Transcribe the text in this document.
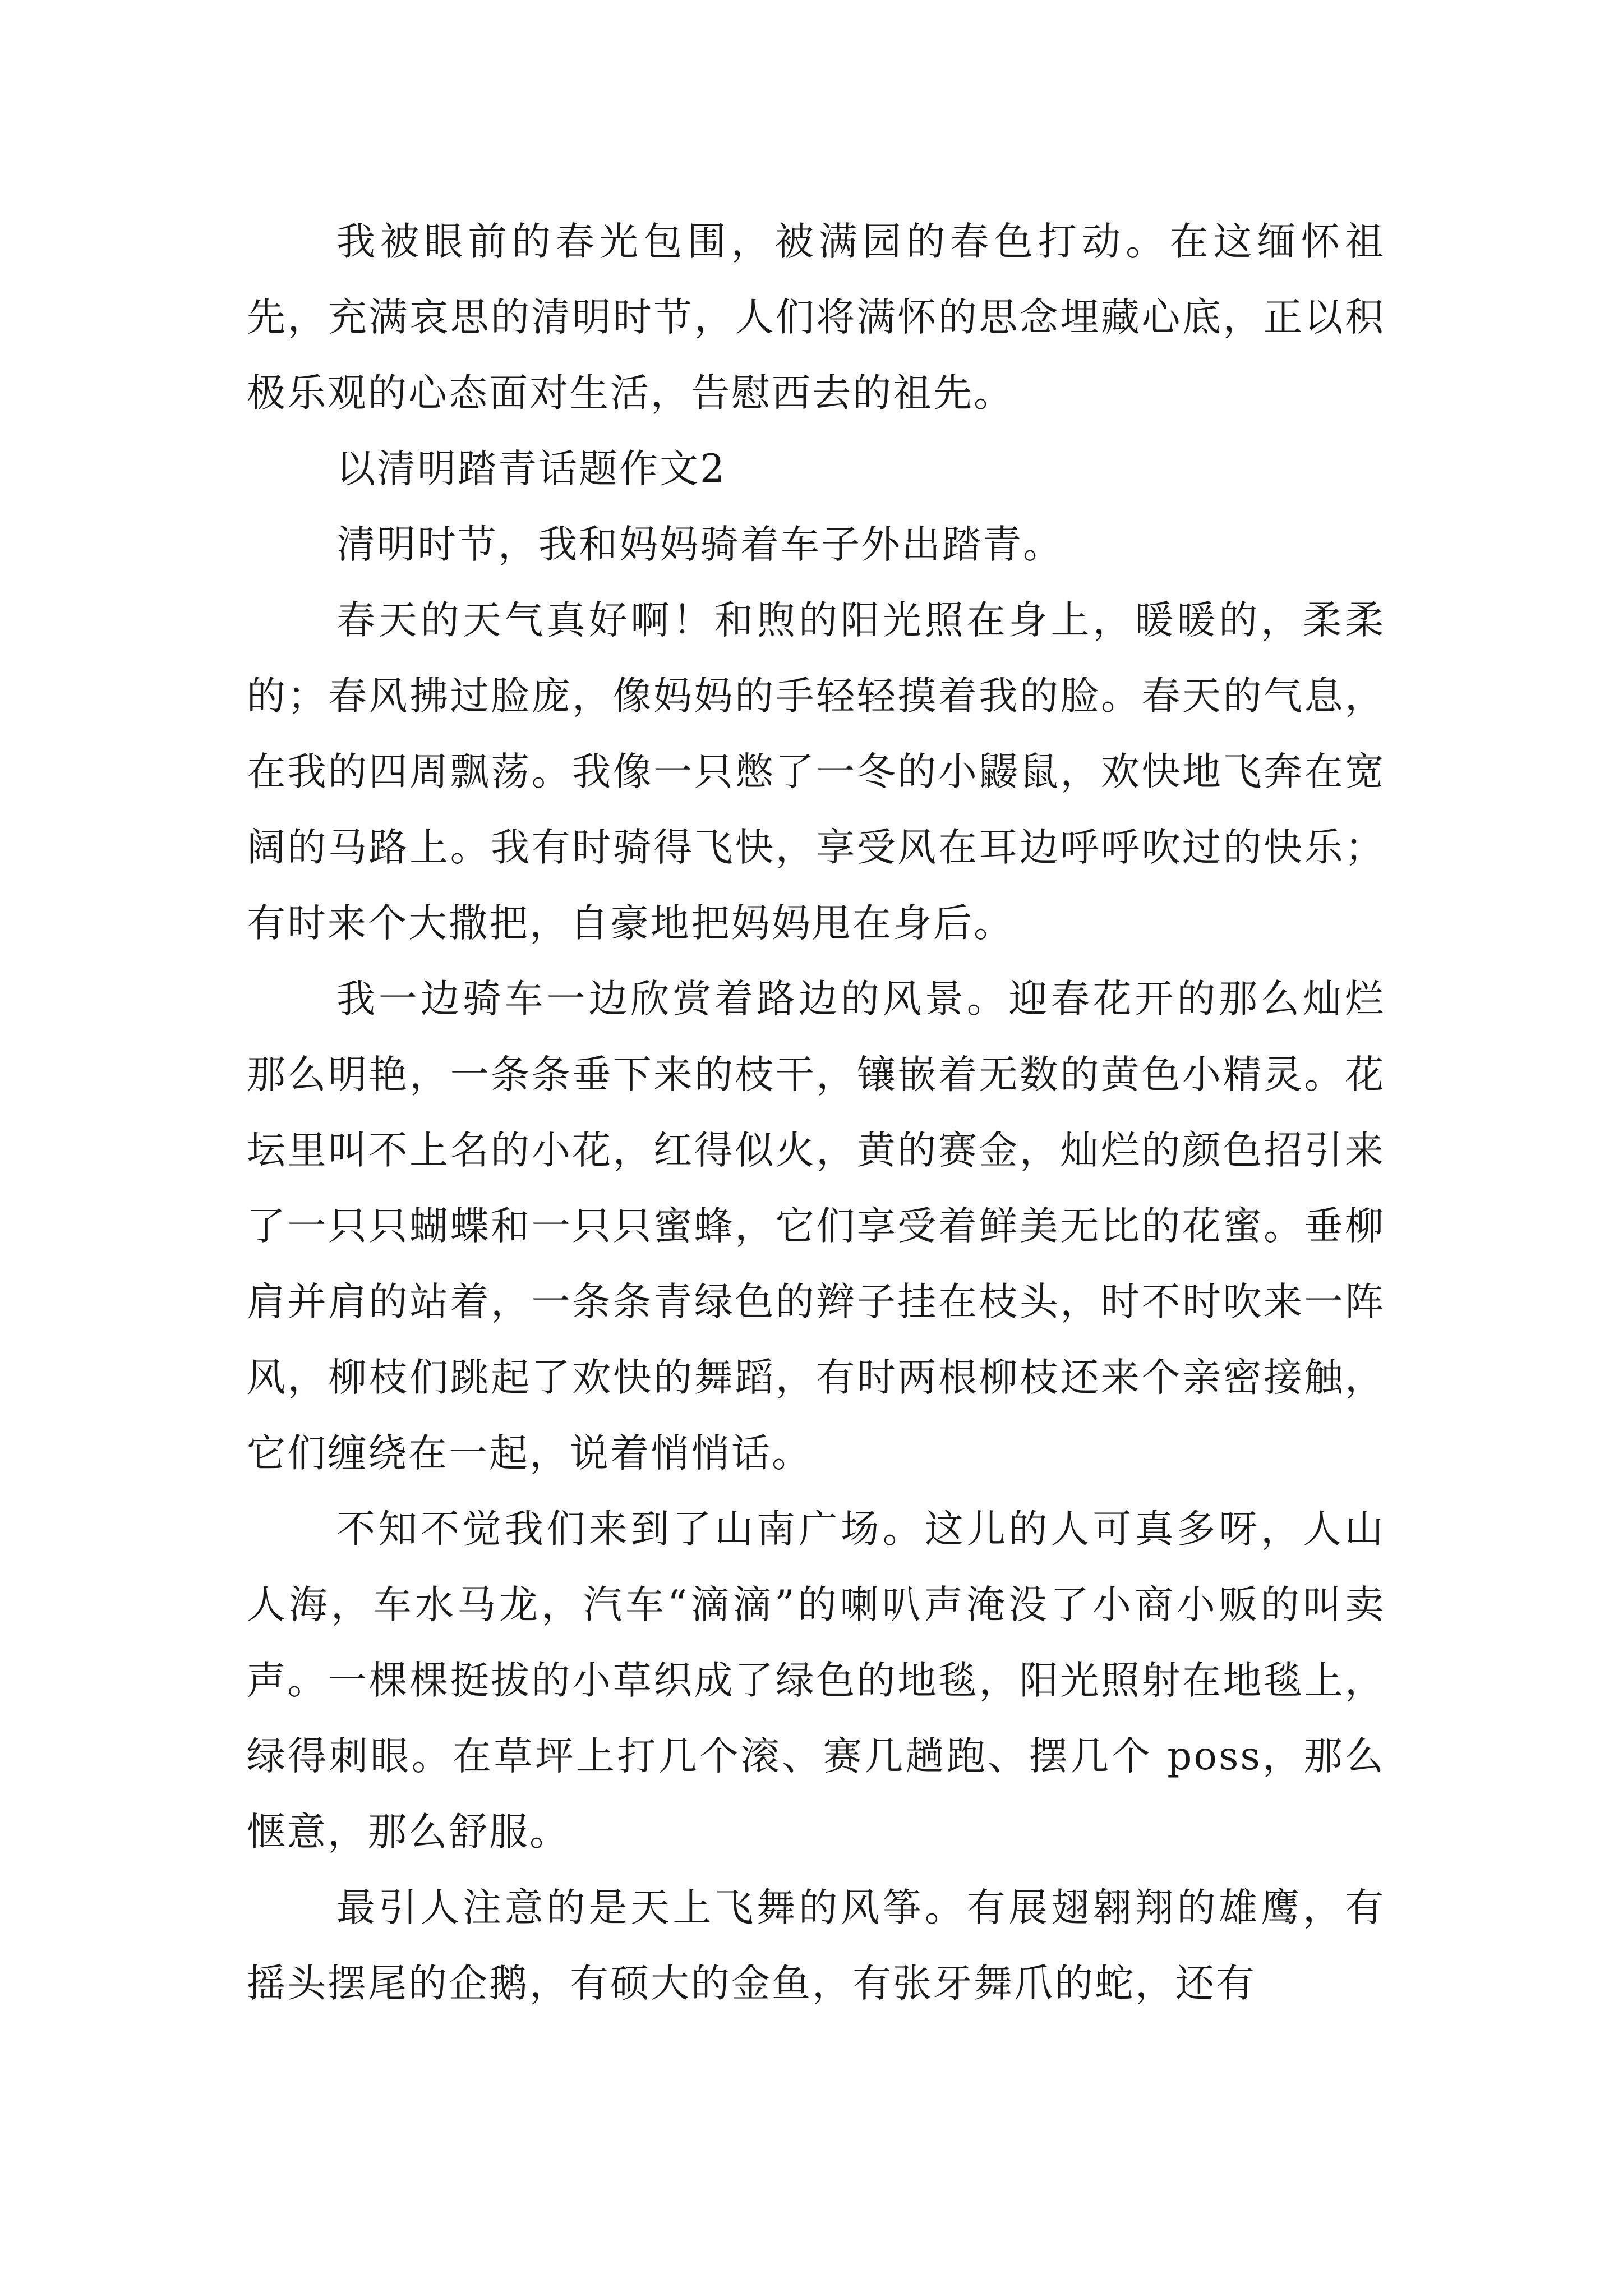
我被眼前的春光包围，被满园的春色打动。在这缅怀祖先，充满哀思的清明时节，人们将满怀的思念埋藏心底，正以积极乐观的心态面对生活，告慰西去的祖先。

以清明踏青话题作文2

清明时节，我和妈妈骑着车子外出踏青。

春天的天气真好啊！和煦的阳光照在身上，暖暖的，柔柔的；春风拂过脸庞，像妈妈的手轻轻摸着我的脸。春天的气息，在我的四周飘荡。我像一只憋了一冬的小鼹鼠，欢快地飞奔在宽阔的马路上。我有时骑得飞快，享受风在耳边呼呼吹过的快乐；有时来个大撒把，自豪地把妈妈甩在身后。

我一边骑车一边欣赏着路边的风景。迎春花开的那么灿烂那么明艳，一条条垂下来的枝干，镶嵌着无数的黄色小精灵。花坛里叫不上名的小花，红得似火，黄的赛金，灿烂的颜色招引来了一只只蝴蝶和一只只蜜蜂，它们享受着鲜美无比的花蜜。垂柳肩并肩的站着，一条条青绿色的辫子挂在枝头，时不时吹来一阵风，柳枝们跳起了欢快的舞蹈，有时两根柳枝还来个亲密接触，它们缠绕在一起，说着悄悄话。

不知不觉我们来到了山南广场。这儿的人可真多呀，人山人海，车水马龙，汽车“滴滴”的喇叭声淹没了小商小贩的叫卖声。一棵棵挺拔的小草织成了绿色的地毯，阳光照射在地毯上，绿得刺眼。在草坪上打几个滚、赛几趟跑、摆几个 poss，那么惬意，那么舒服。

最引人注意的是天上飞舞的风筝。有展翅翱翔的雄鹰，有摇头摆尾的企鹅，有硕大的金鱼，有张牙舞爪的蛇，还有
